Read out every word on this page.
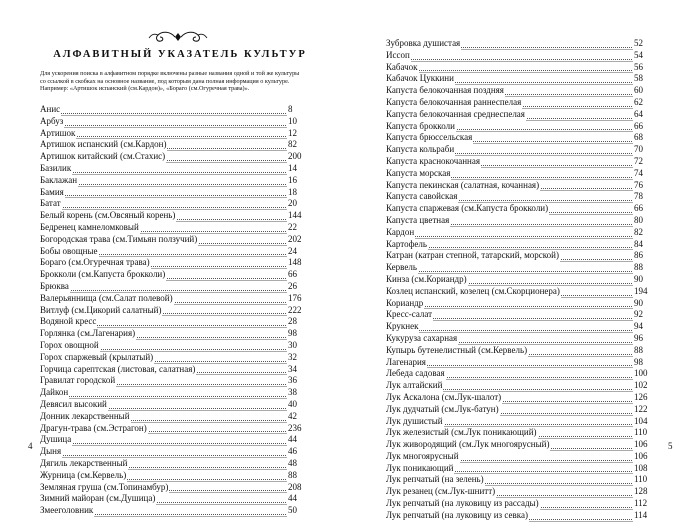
АЛФАВИТНЫЙ УКАЗАТЕЛЬ КУЛЬТУР
Для ускорения поиска в алфавитном порядке включены разные названия одной и той же культуры
со ссылкой в скобках на основное название, под которым дана полная информация о культуре.
Например: «Артишок испанский (см.Кардон)», «Бораго (см.Огуречная трава)».
Анис	8
Арбуз	10
Артишок	12
Артишок испанский (см.Кардон)	82
Артишок китайский (см.Стахис)	200
Базилик	14
Баклажан	16
Бамия	18
Батат	20
Белый корень (см.Овсяный корень)	144
Бедренец камнеломковый	22
Богородская трава (см.Тимьян ползучий)	202
Бобы овощные	24
Бораго (см.Огуречная трава)	148
Брокколи (см.Капуста брокколи)	66
Брюква	26
Валерьяннища (см.Салат полевой)	176
Витлуф (см.Цикорий салатный)	222
Водяной кресс	28
Горлянка (см.Лагенария)	98
Горох овощной	30
Горох спаржевый (крылатый)	32
Горчица сарептская (листовая, салатная)	34
Гравилат городской	36
Дайкон	38
Девясил высокий	40
Донник лекарственный	42
Драгун-трава (см.Эстрагон)	236
Душица	44
Дыня	46
Дягиль лекарственный	48
Журница (см.Кервель)	88
Земляная груша (см.Топинамбур)	208
Зимний майоран (см.Душица)	44
Змееголовник	50
4
Зубровка душистая	52
Иссоп	54
Кабачок	56
Кабачок Цуккини	58
Капуста белокочанная поздняя	60
Капуста белокочанная раннеспелая	62
Капуста белокочанная среднеспелая	64
Капуста брокколи	66
Капуста брюссельская	68
Капуста кольраби	70
Капуста краснокочанная	72
Капуста морская	74
Капуста пекинская (салатная, кочанная)	76
Капуста савойская	78
Капуста спаржевая (см.Капуста брокколи)	66
Капуста цветная	80
Кардон	82
Картофель	84
Катран (катран степной, татарский, морской)	86
Кервель	88
Кинза (см.Кориандр)	90
Козлец испанский, козелец (см.Скорционера)	194
Кориандр	90
Кресс-салат	92
Крукнек	94
Кукуруза сахарная	96
Купырь бутенелистный (см.Кервель)	88
Лагенария	98
Лебеда садовая	100
Лук алтайский	102
Лук Аскалона (см.Лук-шалот)	126
Лук дудчатый (см.Лук-батун)	122
Лук душистый	104
Лук железистый (см.Лук поникающий)	110
Лук живородящий (см.Лук многоярусный)	106
Лук многоярусный	106
Лук поникающий	108
Лук репчатый (на зелень)	110
Лук резанец (см.Лук-шнитт)	128
Лук репчатый (на луковицу из рассады)	112
Лук репчатый (на луковицу из севка)	114
5
